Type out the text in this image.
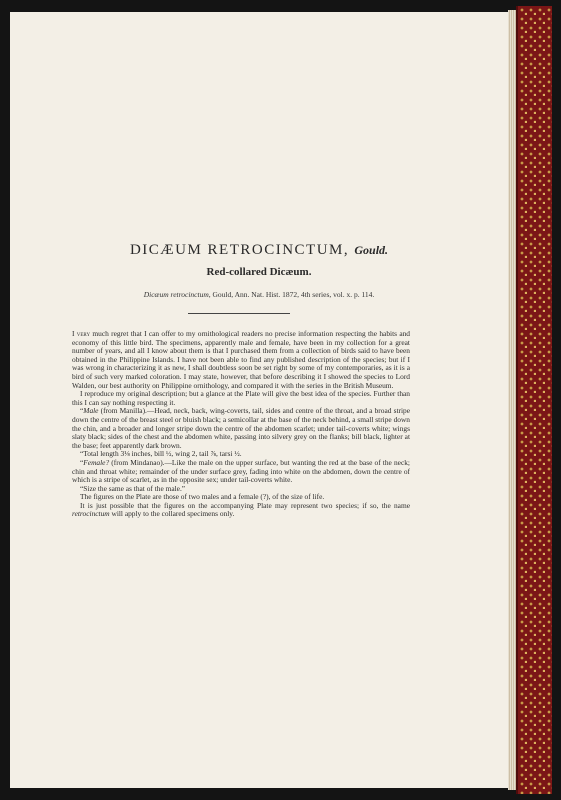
DICÆUM RETROCINCTUM, Gould.
Red-collared Dicæum.
Dicæum retrocinctum, Gould, Ann. Nat. Hist. 1872, 4th series, vol. x. p. 114.

I very much regret that I can offer to my ornithological readers no precise information respecting the habits and economy of this little bird. The specimens, apparently male and female, have been in my collection for a great number of years, and all I know about them is that I purchased them from a collection of birds said to have been obtained in the Philippine Islands. I have not been able to find any published description of the species; but if I was wrong in characterizing it as new, I shall doubtless soon be set right by some of my contemporaries, as it is a bird of such very marked coloration. I may state, however, that before describing it I showed the species to Lord Walden, our best authority on Philippine ornithology, and compared it with the series in the British Museum.

I reproduce my original description; but a glance at the Plate will give the best idea of the species. Further than this I can say nothing respecting it.

“Male (from Manilla).—Head, neck, back, wing-coverts, tail, sides and centre of the throat, and a broad stripe down the centre of the breast steel or bluish black; a semicollar at the base of the neck behind, a small stripe down the chin, and a broader and longer stripe down the centre of the abdomen scarlet; under tail-coverts white; wings slaty black; sides of the chest and the abdomen white, passing into silvery grey on the flanks; bill black, lighter at the base; feet apparently dark brown.

“Total length 3⅛ inches, bill ½, wing 2, tail ⅞, tarsi ½.

“Female? (from Mindanao).—Like the male on the upper surface, but wanting the red at the base of the neck; chin and throat white; remainder of the under surface grey, fading into white on the abdomen, down the centre of which is a stripe of scarlet, as in the opposite sex; under tail-coverts white.

“Size the same as that of the male.”

The figures on the Plate are those of two males and a female (?), of the size of life.

It is just possible that the figures on the accompanying Plate may represent two species; if so, the name retrocinctum will apply to the collared specimens only.
